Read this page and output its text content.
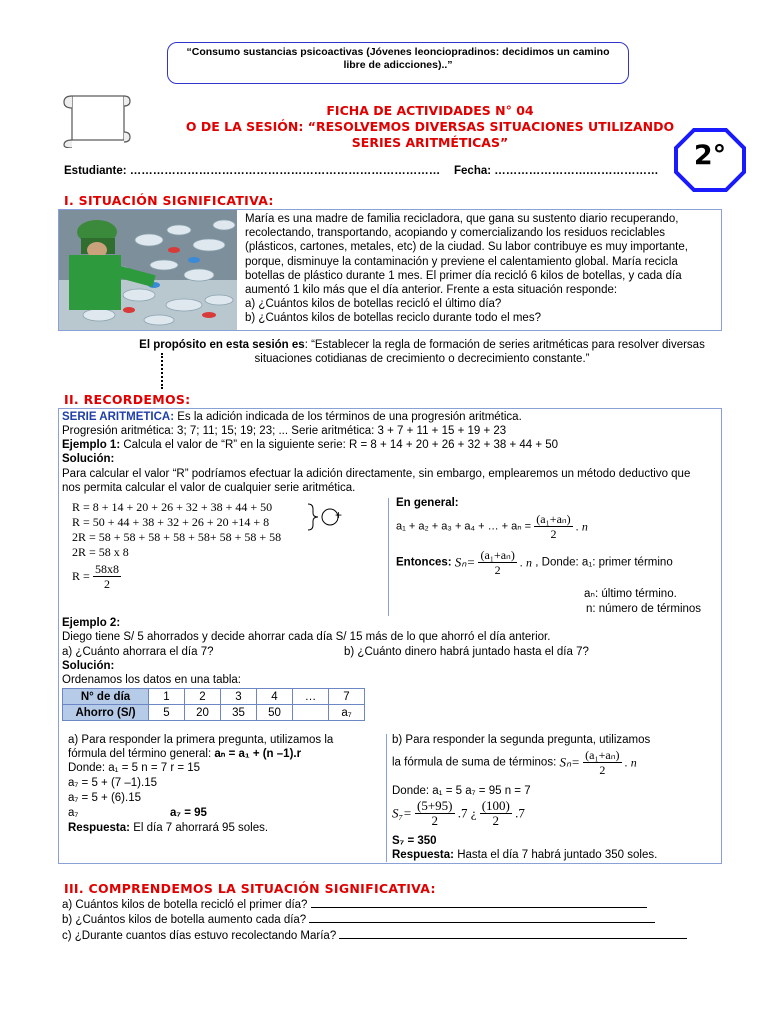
“Consumo sustancias psicoactivas (Jóvenes leonciopradinos: decidimos un camino
libre de adicciones)..”
FICHA DE ACTIVIDADES N° 04
O DE LA SESIÓN: “RESOLVEMOS DIVERSAS SITUACIONES UTILIZANDO
SERIES ARITMÉTICAS”
Estudiante: ……………………………………………………………………… Fecha: …………………….………………	2°
I. SITUACIÓN SIGNIFICATIVA:
María es una madre de familia recicladora, que gana su sustento diario recuperando,
recolectando, transportando, acopiando y comercializando los residuos reciclables
(plásticos, cartones, metales, etc) de la ciudad. Su labor contribuye es muy importante,
porque, disminuye la contaminación y previene el calentamiento global. María recicla
botellas de plástico durante 1 mes. El primer día recicló 6 kilos de botellas, y cada día
aumentó 1 kilo más que el día anterior. Frente a esta situación responde:
a) ¿Cuántos kilos de botellas recicló el último día?
b) ¿Cuántos kilos de botellas reciclo durante todo el mes?
El propósito en esta sesión es: “Establecer la regla de formación de series aritméticas para resolver diversas
situaciones cotidianas de crecimiento o decrecimiento constante.”
II. RECORDEMOS:
SERIE ARITMETICA: Es la adición indicada de los términos de una progresión aritmética.
Progresión aritmética: 3; 7; 11; 15; 19; 23; ... Serie aritmética: 3 + 7 + 11 + 15 + 19 + 23
Ejemplo 1: Calcula el valor de “R” en la siguiente serie: R = 8 + 14 + 20 + 26 + 32 + 38 + 44 + 50
Solución:
Para calcular el valor “R” podríamos efectuar la adición directamente, sin embargo, emplearemos un método deductivo que
nos permita calcular el valor de cualquier serie aritmética.
R = 8 + 14 + 20 + 26 + 32 + 38 + 44 + 50
R = 50 + 44 + 38 + 32 + 26 + 20 +14 + 8
2R = 58 + 58 + 58 + 58 + 58+ 58 + 58 + 58
2R = 58 x 8
$R = \frac{58x8}{2}$
+
En general:
a₁ + a₂ + a₃ + a₄ + … + $a_n = \frac{\text{(a₁+aₙ)}}{2}$ . n
Entonces: $S_n= \frac{\text{(a₁+aₙ)}}{2}$ . n , Donde: a₁: primer término
aₙ: último término.
n: número de términos
Ejemplo 2:
Diego tiene S/ 5 ahorrados y decide ahorrar cada día S/ 15 más de lo que ahorró el día anterior.
a) ¿Cuánto ahorrara el día 7?	b) ¿Cuánto dinero habrá juntado hasta el día 7?
Solución:
Ordenamos los datos en una tabla:
N° de día	1	2	3	4	…	7
Ahorro (S/)	5	20	35	50		a₇
a) Para responder la primera pregunta, utilizamos la
fórmula del término general: aₙ = a₁ + (n –1).r
Donde: a₁ = 5 n = 7 r = 15
a₇ = 5 + (7 –1).15
a₇ = 5 + (6).15
a₇	a₇ = 95
Respuesta: El día 7 ahorrará 95 soles.
b) Para responder la segunda pregunta, utilizamos
la fórmula de suma de términos: $S_n= \frac{\text{(a₁+aₙ)}}{2}$ . n
Donde: a₁ = 5 a₇ = 95 n = 7
$S_7= \frac{(5+95)}{2} .7$ ¿ $\frac{(100)}{2} .7$
S₇ = 350
Respuesta: Hasta el día 7 habrá juntado 350 soles.
III. COMPRENDEMOS LA SITUACIÓN SIGNIFICATIVA:
a) Cuántos kilos de botella recicló el primer día?
b) ¿Cuántos kilos de botella aumento cada día?
c) ¿Durante cuantos días estuvo recolectando María?
